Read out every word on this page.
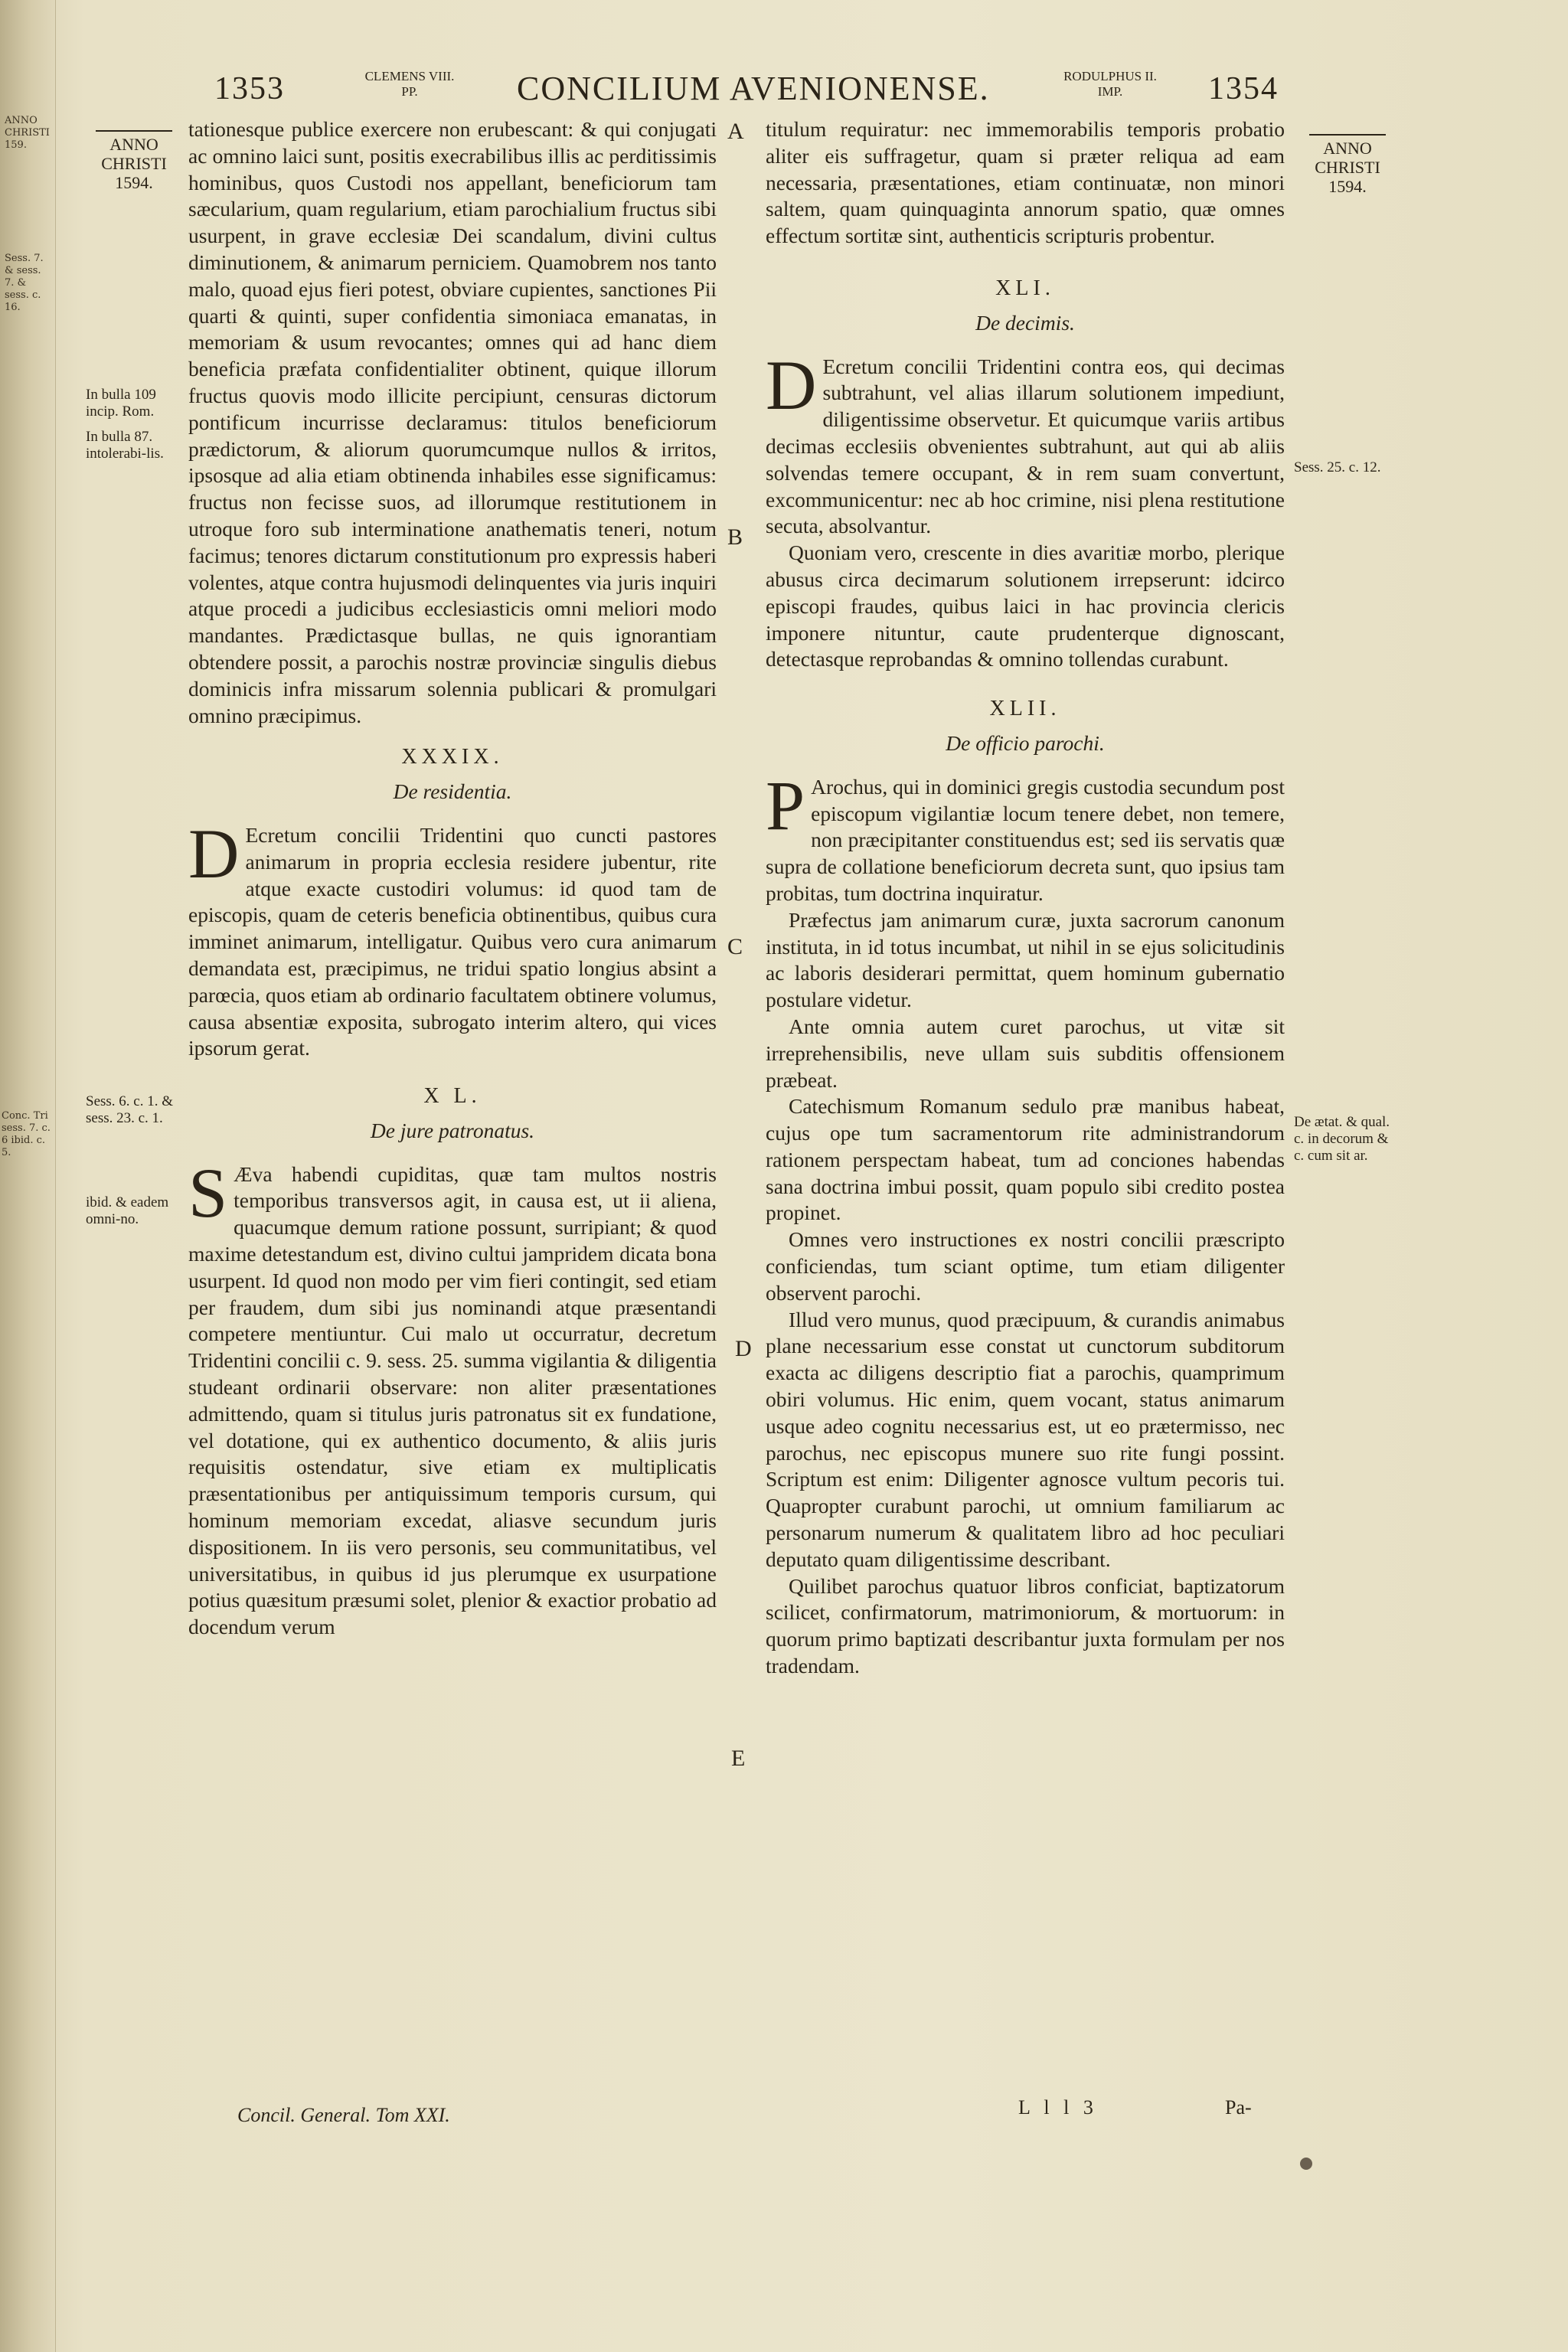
ANNO CHRISTI 159.
Sess. 7. & sess. 7. & sess. c. 16.
Conc. Tri sess. 7. c. 6 ibid. c. 5.
1353	CLEMENS VIII.
PP.	CONCILIUM AVENIONENSE.	RODULPHUS II.
IMP.	1354
ANNO
CHRISTI
1594.
ANNO
CHRISTI
1594.
In bulla 109 incip. Rom.
In bulla 87. intolerabi-lis.
Sess. 6. c. 1. & sess. 23. c. 1.
ibid. & eadem omni-no.
Sess. 25. c. 12.
De ætat. & qual. c. in decorum & c. cum sit ar.
A
B
C
D
E

tationesque publice exercere non erubescant: & qui conjugati ac omnino laici sunt, positis execrabilibus illis ac perditissimis hominibus, quos Custodi nos appellant, beneficiorum tam sæcularium, quam regularium, etiam parochialium fructus sibi usurpent, in grave ecclesiæ Dei scandalum, divini cultus diminutionem, & animarum perniciem. Quamobrem nos tanto malo, quoad ejus fieri potest, obviare cupientes, sanctiones Pii quarti & quinti, super confidentia simoniaca emanatas, in memoriam & usum revocantes; omnes qui ad hanc diem beneficia præfata confidentialiter obtinent, quique illorum fructus quovis modo illicite percipiunt, censuras dictorum pontificum incurrisse declaramus: titulos beneficiorum prædictorum, & aliorum quorumcumque nullos & irritos, ipsosque ad alia etiam obtinenda inhabiles esse significamus: fructus non fecisse suos, ad illorumque restitutionem in utroque foro sub interminatione anathematis teneri, notum facimus; tenores dictarum constitutionum pro expressis haberi volentes, atque contra hujusmodi delinquentes via juris inquiri atque procedi a judicibus ecclesiasticis omni meliori modo mandantes. Prædictasque bullas, ne quis ignorantiam obtendere possit, a parochis nostræ provinciæ singulis diebus dominicis infra missarum solennia publicari & promulgari omnino præcipimus.

XXXIX.
De residentia.

D Ecretum concilii Tridentini quo cuncti pastores animarum in propria ecclesia residere jubentur, rite atque exacte custodiri volumus: id quod tam de episcopis, quam de ceteris beneficia obtinentibus, quibus cura imminet animarum, intelligatur. Quibus vero cura animarum demandata est, præcipimus, ne tridui spatio longius absint a parœcia, quos etiam ab ordinario facultatem obtinere volumus, causa absentiæ exposita, subrogato interim altero, qui vices ipsorum gerat.

X L.
De jure patronatus.

S Æva habendi cupiditas, quæ tam multos nostris temporibus transversos agit, in causa est, ut ii aliena, quacumque demum ratione possunt, surripiant; & quod maxime detestandum est, divino cultui jampridem dicata bona usurpent. Id quod non modo per vim fieri contingit, sed etiam per fraudem, dum sibi jus nominandi atque præsentandi competere mentiuntur. Cui malo ut occurratur, decretum Tridentini concilii c. 9. sess. 25. summa vigilantia & diligentia studeant ordinarii observare: non aliter præsentationes admittendo, quam si titulus juris patronatus sit ex fundatione, vel dotatione, qui ex authentico documento, & aliis juris requisitis ostendatur, sive etiam ex multiplicatis præsentationibus per antiquissimum temporis cursum, qui hominum memoriam excedat, aliasve secundum juris dispositionem. In iis vero personis, seu communitatibus, vel universitatibus, in quibus id jus plerumque ex usurpatione potius quæsitum præsumi solet, plenior & exactior probatio ad docendum verum

Concil. General. Tom XXI.

titulum requiratur: nec immemorabilis temporis probatio aliter eis suffragetur, quam si præter reliqua ad eam necessaria, præsentationes, etiam continuatæ, non minori saltem, quam quinquaginta annorum spatio, quæ omnes effectum sortitæ sint, authenticis scripturis probentur.

XLI.
De decimis.

D Ecretum concilii Tridentini contra eos, qui decimas subtrahunt, vel alias illarum solutionem impediunt, diligentissime observetur. Et quicumque variis artibus decimas ecclesiis obvenientes subtrahunt, aut qui ab aliis solvendas temere occupant, & in rem suam convertunt, excommunicentur: nec ab hoc crimine, nisi plena restitutione secuta, absolvantur.

Quoniam vero, crescente in dies avaritiæ morbo, plerique abusus circa decimarum solutionem irrepserunt: idcirco episcopi fraudes, quibus laici in hac provincia clericis imponere nituntur, caute prudenterque dignoscant, detectasque reprobandas & omnino tollendas curabunt.

XLII.
De officio parochi.

P Arochus, qui in dominici gregis custodia secundum post episcopum vigilantiæ locum tenere debet, non temere, non præcipitanter constituendus est; sed iis servatis quæ supra de collatione beneficiorum decreta sunt, quo ipsius tam probitas, tum doctrina inquiratur.

Præfectus jam animarum curæ, juxta sacrorum canonum instituta, in id totus incumbat, ut nihil in se ejus solicitudinis ac laboris desiderari permittat, quem hominum gubernatio postulare videtur.

Ante omnia autem curet parochus, ut vitæ sit irreprehensibilis, neve ullam suis subditis offensionem præbeat.

Catechismum Romanum sedulo præ manibus habeat, cujus ope tum sacramentorum rite administrandorum rationem perspectam habeat, tum ad conciones habendas sana doctrina imbui possit, quam populo sibi credito postea propinet.

Omnes vero instructiones ex nostri concilii præscripto conficiendas, tum sciant optime, tum etiam diligenter observent parochi.

Illud vero munus, quod præcipuum, & curandis animabus plane necessarium esse constat ut cunctorum subditorum exacta ac diligens descriptio fiat a parochis, quamprimum obiri volumus. Hic enim, quem vocant, status animarum usque adeo cognitu necessarius est, ut eo prætermisso, nec parochus, nec episcopus munere suo rite fungi possint. Scriptum est enim: Diligenter agnosce vultum pecoris tui. Quapropter curabunt parochi, ut omnium familiarum ac personarum numerum & qualitatem libro ad hoc peculiari deputato quam diligentissime describant.

Quilibet parochus quatuor libros conficiat, baptizatorum scilicet, confirmatorum, matrimoniorum, & mortuorum: in quorum primo baptizati describantur juxta formulam per nos tradendam.

L l l 3	Pa-
